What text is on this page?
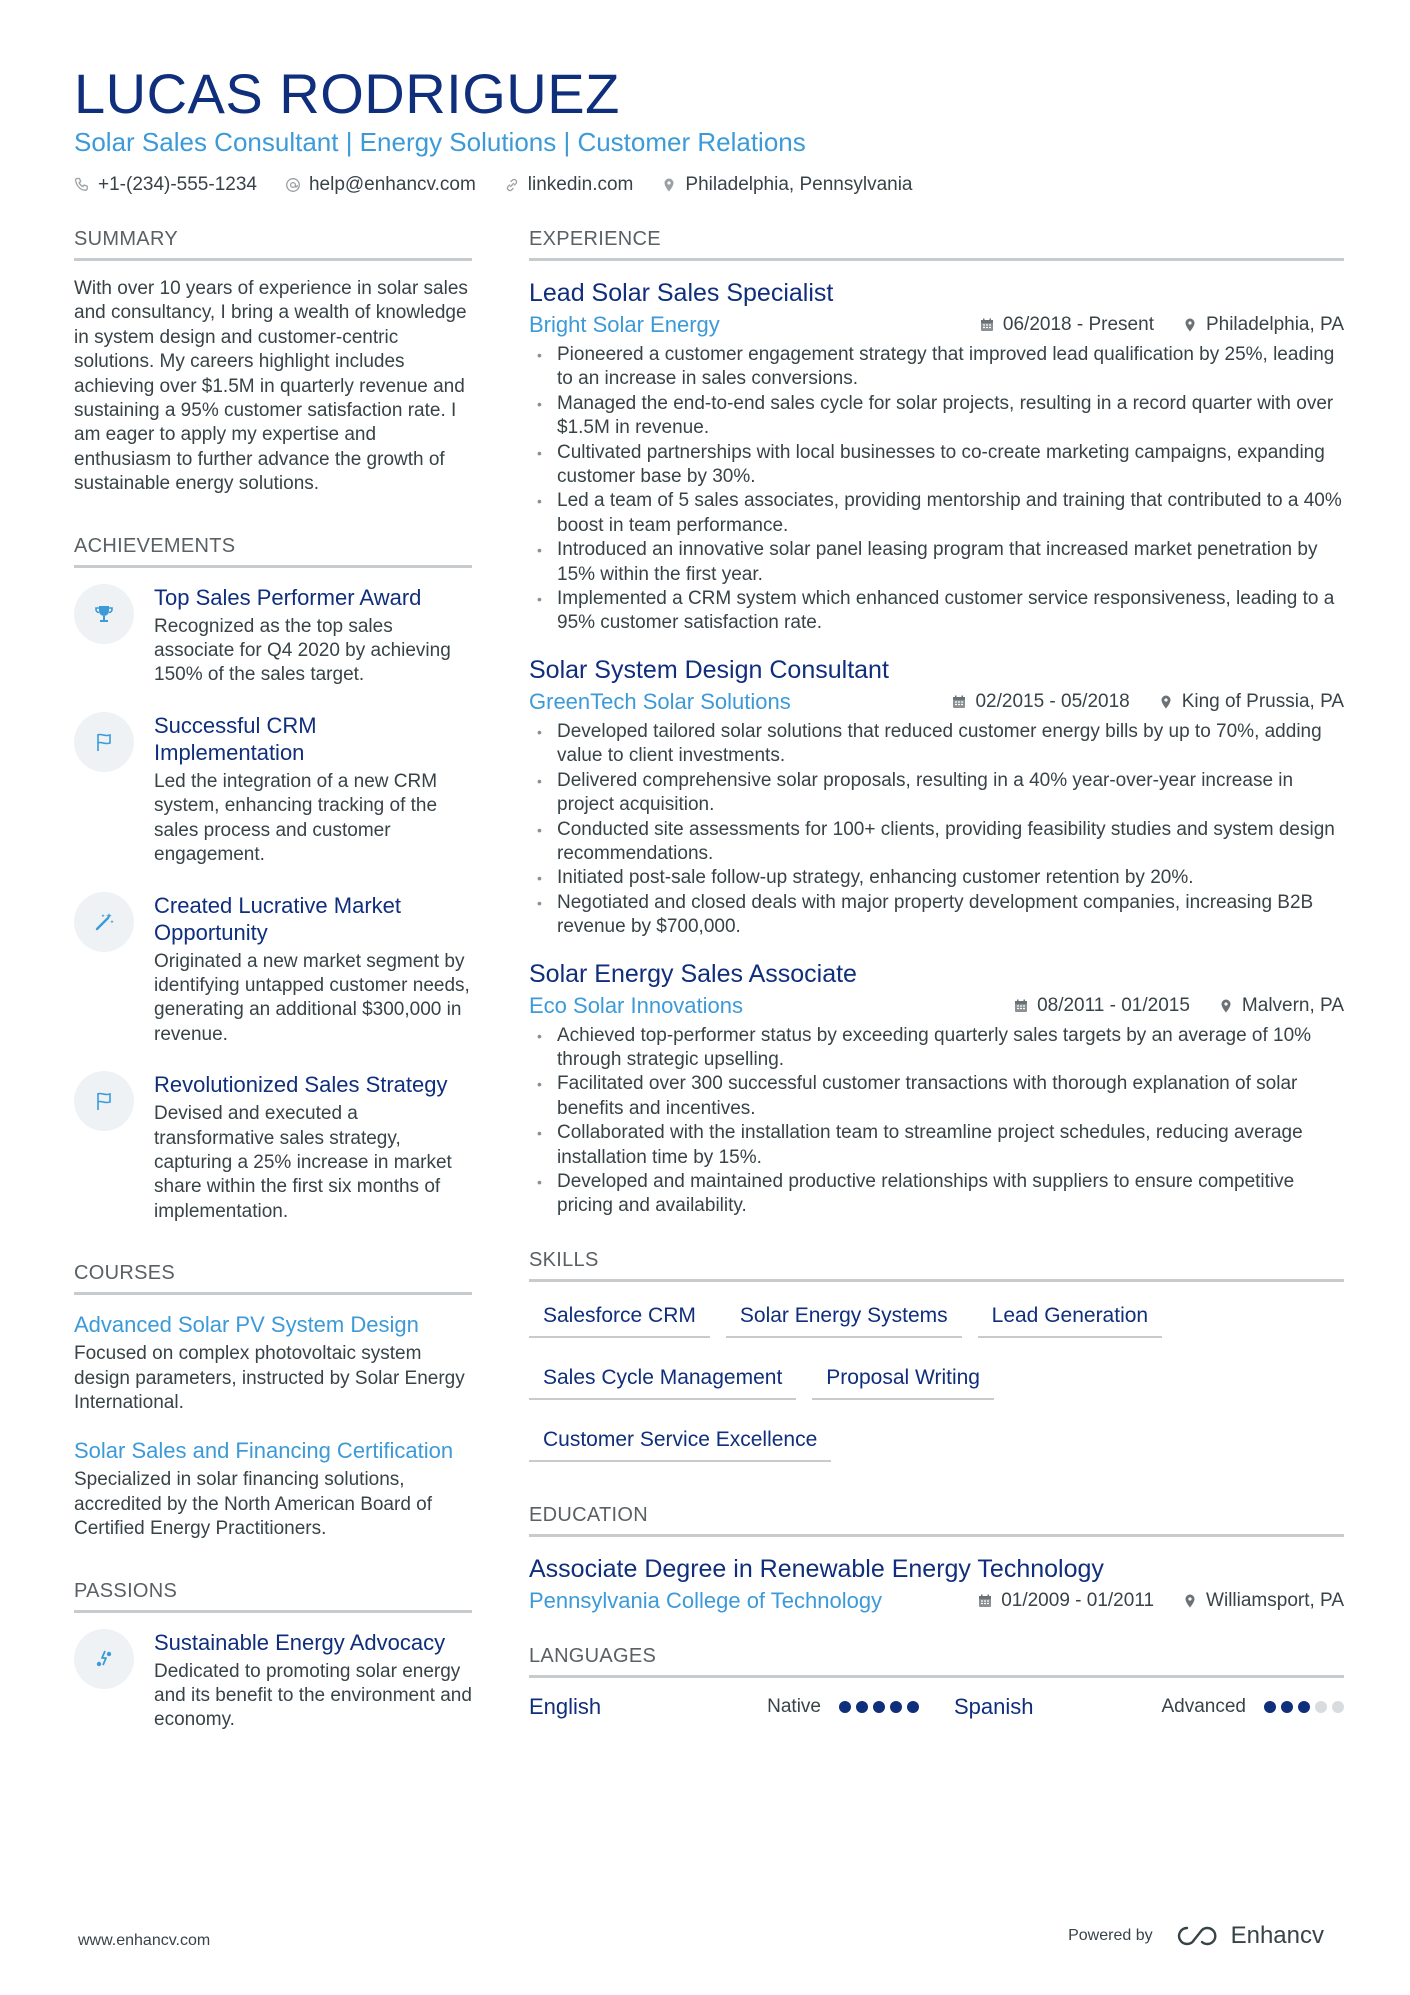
LUCAS RODRIGUEZ
Solar Sales Consultant | Energy Solutions | Customer Relations
+1-(234)-555-1234	help@enhancv.com	linkedin.com	Philadelphia, Pennsylvania
SUMMARY
With over 10 years of experience in solar sales and consultancy, I bring a wealth of knowledge in system design and customer-centric solutions. My careers highlight includes achieving over $1.5M in quarterly revenue and sustaining a 95% customer satisfaction rate. I am eager to apply my expertise and enthusiasm to further advance the growth of sustainable energy solutions.
ACHIEVEMENTS
Top Sales Performer Award
Recognized as the top sales associate for Q4 2020 by achieving 150% of the sales target.
Successful CRM Implementation
Led the integration of a new CRM system, enhancing tracking of the sales process and customer engagement.
Created Lucrative Market Opportunity
Originated a new market segment by identifying untapped customer needs, generating an additional $300,000 in revenue.
Revolutionized Sales Strategy
Devised and executed a transformative sales strategy, capturing a 25% increase in market share within the first six months of implementation.
COURSES
Advanced Solar PV System Design
Focused on complex photovoltaic system design parameters, instructed by Solar Energy International.
Solar Sales and Financing Certification
Specialized in solar financing solutions, accredited by the North American Board of Certified Energy Practitioners.
PASSIONS
Sustainable Energy Advocacy
Dedicated to promoting solar energy and its benefit to the environment and economy.
EXPERIENCE
Lead Solar Sales Specialist
Bright Solar Energy	06/2018 - Present	Philadelphia, PA
• Pioneered a customer engagement strategy that improved lead qualification by 25%, leading to an increase in sales conversions.
• Managed the end-to-end sales cycle for solar projects, resulting in a record quarter with over $1.5M in revenue.
• Cultivated partnerships with local businesses to co-create marketing campaigns, expanding customer base by 30%.
• Led a team of 5 sales associates, providing mentorship and training that contributed to a 40% boost in team performance.
• Introduced an innovative solar panel leasing program that increased market penetration by 15% within the first year.
• Implemented a CRM system which enhanced customer service responsiveness, leading to a 95% customer satisfaction rate.
Solar System Design Consultant
GreenTech Solar Solutions	02/2015 - 05/2018	King of Prussia, PA
• Developed tailored solar solutions that reduced customer energy bills by up to 70%, adding value to client investments.
• Delivered comprehensive solar proposals, resulting in a 40% year-over-year increase in project acquisition.
• Conducted site assessments for 100+ clients, providing feasibility studies and system design recommendations.
• Initiated post-sale follow-up strategy, enhancing customer retention by 20%.
• Negotiated and closed deals with major property development companies, increasing B2B revenue by $700,000.
Solar Energy Sales Associate
Eco Solar Innovations	08/2011 - 01/2015	Malvern, PA
• Achieved top-performer status by exceeding quarterly sales targets by an average of 10% through strategic upselling.
• Facilitated over 300 successful customer transactions with thorough explanation of solar benefits and incentives.
• Collaborated with the installation team to streamline project schedules, reducing average installation time by 15%.
• Developed and maintained productive relationships with suppliers to ensure competitive pricing and availability.
SKILLS
Salesforce CRM	Solar Energy Systems	Lead Generation
Sales Cycle Management	Proposal Writing
Customer Service Excellence
EDUCATION
Associate Degree in Renewable Energy Technology
Pennsylvania College of Technology	01/2009 - 01/2011	Williamsport, PA
LANGUAGES
English	Native	Spanish	Advanced
www.enhancv.com	Powered by	Enhancv
